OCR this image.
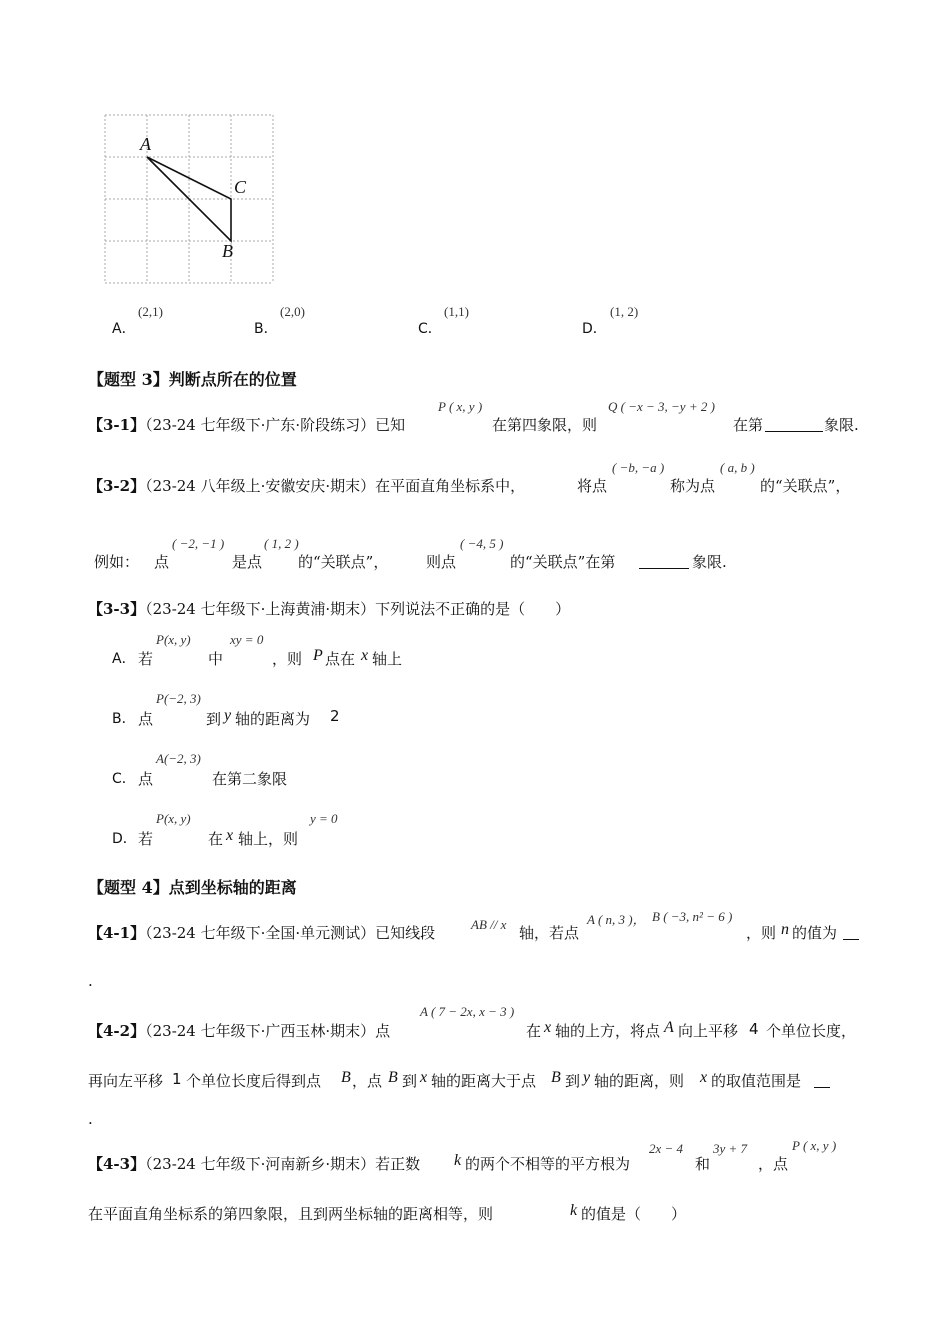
A
C
B
A．
(2,1)
B．
(2,0)
C．
(1,1)
D．
(1, 2)
【题型 3】判断点所在的位置
【3-1】（23-24 七年级下·广东·阶段练习）已知
P ( x, y )
在第四象限，则
Q ( −x − 3, −y + 2 )
在第	象限.
【3-2】（23-24 八年级上·安徽安庆·期末）在平面直角坐标系中，	将点
( −b, −a )
称为点
( a, b )
的“关联点”，
例如： 点
( −2, −1 )
是点
( 1, 2 )
的“关联点”，	则点
( −4, 5 )
的“关联点”在第	象限.
【3-3】（23-24 七年级下·上海黄浦·期末）下列说法不正确的是（　　）
A． 若
P(x, y)
中
xy = 0
，则 P 点在 x 轴上
B． 点
P(−2, 3)
到 y 轴的距离为 2
C． 点
A(−2, 3)
在第二象限
D． 若
P(x, y)
在 x 轴上，则
y = 0
【题型 4】点到坐标轴的距离
【4-1】（23-24 七年级下·全国·单元测试）已知线段	AB // x 轴，若点
A ( n, 3 )， B ( −3, n² − 6 )
，则 n 的值为
.
【4-2】（23-24 七年级下·广西玉林·期末）点
A ( 7 − 2x, x − 3 )
在 x 轴的上方，将点 A 向上平移 4 个单位长度，
再向左平移 1 个单位长度后得到点 B ，点 B 到 x 轴的距离大于点 B 到 y 轴的距离，则 x 的取值范围是
.
【4-3】（23-24 七年级下·河南新乡·期末）若正数 k 的两个不相等的平方根为
2x − 4
和
3y + 7
，点
P ( x, y )
在平面直角坐标系的第四象限，且到两坐标轴的距离相等，则	k 的值是（　　）
